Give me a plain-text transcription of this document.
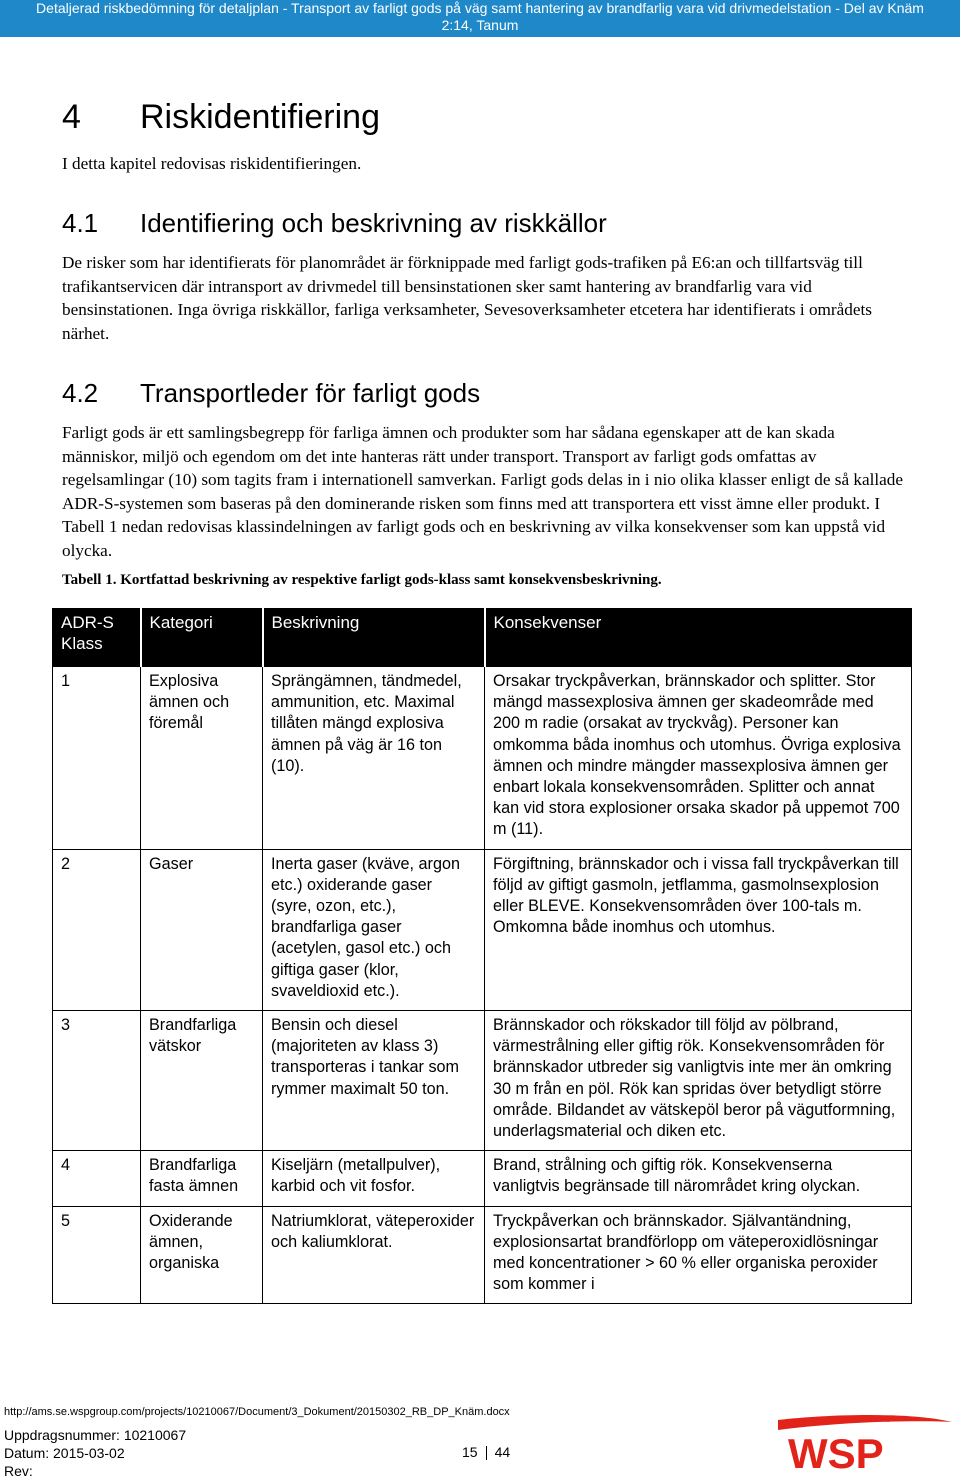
Detaljerad riskbedömning för detaljplan - Transport av farligt gods på väg samt hantering av brandfarlig vara vid drivmedelstation - Del av Knäm
2:14, Tanum
4 Riskidentifiering

I detta kapitel redovisas riskidentifieringen.

4.1 Identifiering och beskrivning av riskkällor

De risker som har identifierats för planområdet är förknippade med farligt gods-trafiken på E6:an och tillfartsväg till trafikantservicen där intransport av drivmedel till bensinstationen sker samt hantering av brandfarlig vara vid bensinstationen. Inga övriga riskkällor, farliga verksamheter, Sevesoverksamheter etcetera har identifierats i områdets närhet.

4.2 Transportleder för farligt gods

Farligt gods är ett samlingsbegrepp för farliga ämnen och produkter som har sådana egenskaper att de kan skada människor, miljö och egendom om det inte hanteras rätt under transport. Transport av farligt gods omfattas av regelsamlingar (10) som tagits fram i internationell samverkan. Farligt gods delas in i nio olika klasser enligt de så kallade ADR-S-systemen som baseras på den dominerande risken som finns med att transportera ett visst ämne eller produkt. I Tabell 1 nedan redovisas klassindelningen av farligt gods och en beskrivning av vilka konsekvenser som kan uppstå vid olycka.

Tabell 1. Kortfattad beskrivning av respektive farligt gods-klass samt konsekvensbeskrivning.

ADR-S Klass	Kategori	Beskrivning	Konsekvenser
1	Explosiva ämnen och föremål	Sprängämnen, tändmedel, ammunition, etc. Maximal tillåten mängd explosiva ämnen på väg är 16 ton (10).	Orsakar tryckpåverkan, brännskador och splitter. Stor mängd massexplosiva ämnen ger skadeområde med 200 m radie (orsakat av tryckvåg). Personer kan omkomma båda inomhus och utomhus. Övriga explosiva ämnen och mindre mängder massexplosiva ämnen ger enbart lokala konsekvensområden. Splitter och annat kan vid stora explosioner orsaka skador på uppemot 700 m (11).
2	Gaser	Inerta gaser (kväve, argon etc.) oxiderande gaser (syre, ozon, etc.), brandfarliga gaser (acetylen, gasol etc.) och giftiga gaser (klor, svaveldioxid etc.).	Förgiftning, brännskador och i vissa fall tryckpåverkan till följd av giftigt gasmoln, jetflamma, gasmolnsexplosion eller BLEVE. Konsekvensområden över 100-tals m. Omkomna både inomhus och utomhus.
3	Brandfarliga vätskor	Bensin och diesel (majoriteten av klass 3) transporteras i tankar som rymmer maximalt 50 ton.	Brännskador och rökskador till följd av pölbrand, värmestrålning eller giftig rök. Konsekvensområden för brännskador utbreder sig vanligtvis inte mer än omkring 30 m från en pöl. Rök kan spridas över betydligt större område. Bildandet av vätskepöl beror på vägutformning, underlagsmaterial och diken etc.
4	Brandfarliga fasta ämnen	Kiseljärn (metallpulver), karbid och vit fosfor.	Brand, strålning och giftig rök. Konsekvenserna vanligtvis begränsade till närområdet kring olyckan.
5	Oxiderande ämnen, organiska	Natriumklorat, väteperoxider och kaliumklorat.	Tryckpåverkan och brännskador. Självantändning, explosionsartat brandförlopp om väteperoxidlösningar med koncentrationer > 60 % eller organiska peroxider som kommer i
http://ams.se.wspgroup.com/projects/10210067/Document/3_Dokument/20150302_RB_DP_Knäm.docx
Uppdragsnummer: 10210067
Datum: 2015-03-02
Rev:
15 44	WSP
